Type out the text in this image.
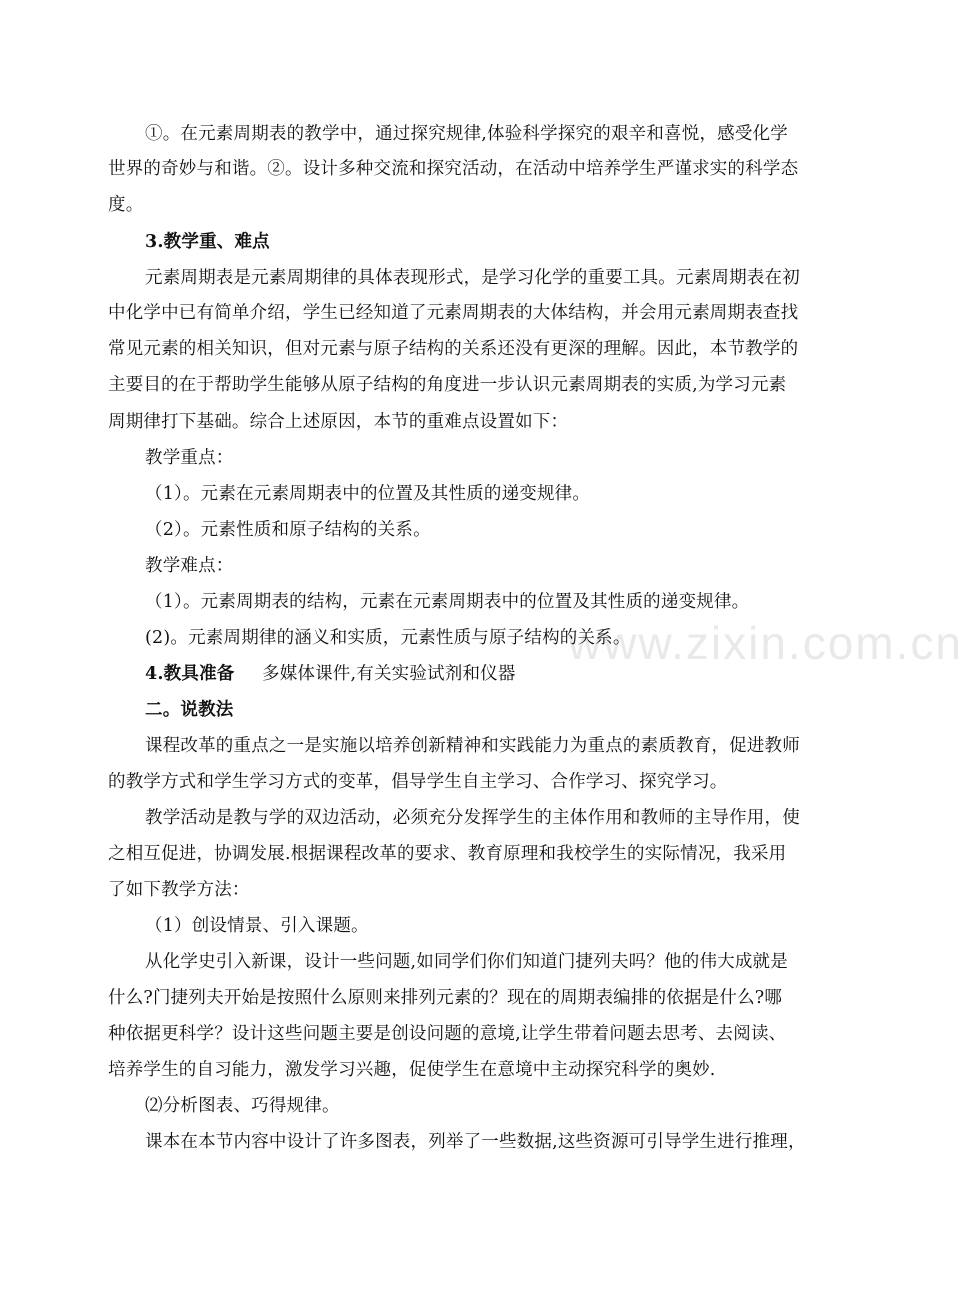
www.zixin.com.cn
①。在元素周期表的教学中，通过探究规律,体验科学探究的艰辛和喜悦，感受化学
世界的奇妙与和谐。②。设计多种交流和探究活动，在活动中培养学生严谨求实的科学态
度。
3.教学重、难点
元素周期表是元素周期律的具体表现形式，是学习化学的重要工具。元素周期表在初
中化学中已有简单介绍，学生已经知道了元素周期表的大体结构，并会用元素周期表查找
常见元素的相关知识，但对元素与原子结构的关系还没有更深的理解。因此，本节教学的
主要目的在于帮助学生能够从原子结构的角度进一步认识元素周期表的实质,为学习元素
周期律打下基础。综合上述原因，本节的重难点设置如下：
教学重点：
（1）。元素在元素周期表中的位置及其性质的递变规律。
（2）。元素性质和原子结构的关系。
教学难点：
（1）。元素周期表的结构，元素在元素周期表中的位置及其性质的递变规律。
(2)。元素周期律的涵义和实质，元素性质与原子结构的关系。
4.教具准备 多媒体课件,有关实验试剂和仪器
二。说教法
课程改革的重点之一是实施以培养创新精神和实践能力为重点的素质教育，促进教师
的教学方式和学生学习方式的变革，倡导学生自主学习、合作学习、探究学习。
教学活动是教与学的双边活动，必须充分发挥学生的主体作用和教师的主导作用，使
之相互促进，协调发展.根据课程改革的要求、教育原理和我校学生的实际情况，我采用
了如下教学方法：
（1）创设情景、引入课题。
从化学史引入新课，设计一些问题,如同学们你们知道门捷列夫吗？他的伟大成就是
什么?门捷列夫开始是按照什么原则来排列元素的？现在的周期表编排的依据是什么?哪
种依据更科学？设计这些问题主要是创设问题的意境,让学生带着问题去思考、去阅读、
培养学生的自习能力，激发学习兴趣，促使学生在意境中主动探究科学的奥妙.
⑵分析图表、巧得规律。
课本在本节内容中设计了许多图表，列举了一些数据,这些资源可引导学生进行推理，
